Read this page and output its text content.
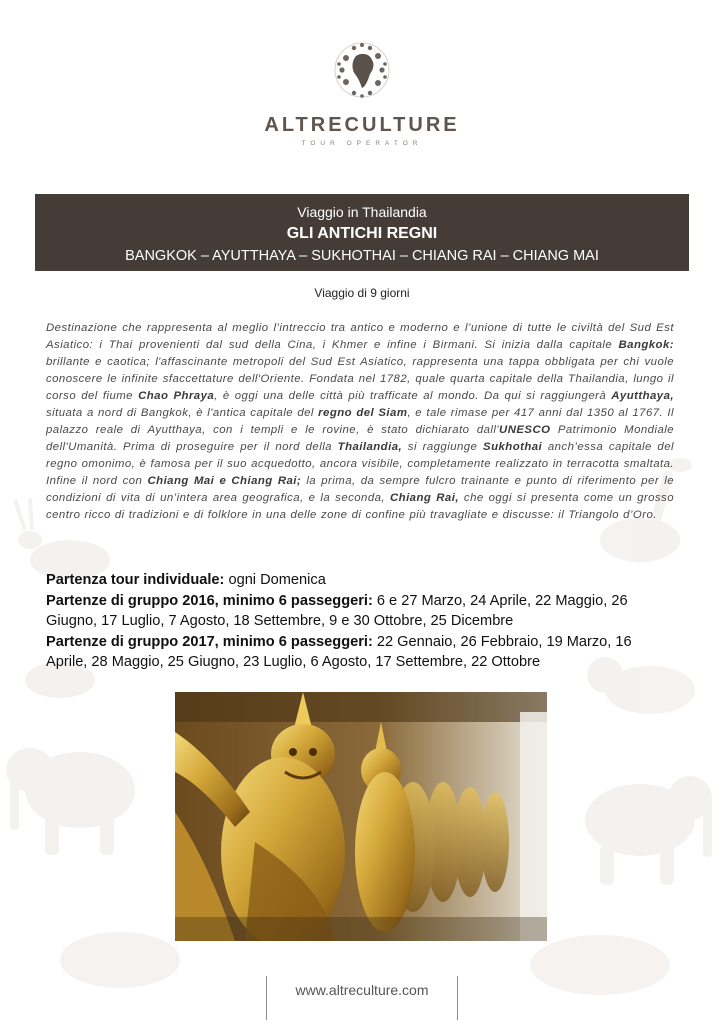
ALTRECULTURE
TOUR OPERATOR
Viaggio in Thailandia
GLI ANTICHI REGNI
BANGKOK – AYUTTHAYA – SUKHOTHAI – CHIANG RAI – CHIANG MAI
Viaggio di 9 giorni
Destinazione che rappresenta al meglio l’intreccio tra antico e moderno e l’unione di tutte le civiltà del Sud Est Asiatico: i Thai provenienti dal sud della Cina, i Khmer e infine i Birmani. Si inizia dalla capitale Bangkok: brillante e caotica; l'affascinante metropoli del Sud Est Asiatico, rappresenta una tappa obbligata per chi vuole conoscere le infinite sfaccettature dell'Oriente. Fondata nel 1782, quale quarta capitale della Thailandia, lungo il corso del fiume Chao Phraya, è oggi una delle città più trafficate al mondo. Da qui si raggiungerà Ayutthaya, situata a nord di Bangkok, è l'antica capitale del regno del Siam, e tale rimase per 417 anni dal 1350 al 1767. Il palazzo reale di Ayutthaya, con i templi e le rovine, è stato dichiarato dall'UNESCO Patrimonio Mondiale dell'Umanità. Prima di proseguire per il nord della Thailandia, si raggiunge Sukhothai anch’essa capitale del regno omonimo, è famosa per il suo acquedotto, ancora visibile, completamente realizzato in terracotta smaltata. Infine il nord con Chiang Mai e Chiang Rai; la prima, da sempre fulcro trainante e punto di riferimento per le condizioni di vita di un’intera area geografica, e la seconda, Chiang Rai, che oggi si presenta come un grosso centro ricco di tradizioni e di folklore in una delle zone di confine più travagliate e discusse: il Triangolo d’Oro.

Partenza tour individuale: ogni Domenica

Partenze di gruppo 2016, minimo 6 passeggeri: 6 e 27 Marzo, 24 Aprile, 22 Maggio, 26 Giugno, 17 Luglio, 7 Agosto, 18 Settembre, 9 e 30 Ottobre, 25 Dicembre

Partenze di gruppo 2017, minimo 6 passeggeri: 22 Gennaio, 26 Febbraio, 19 Marzo, 16 Aprile, 28 Maggio, 25 Giugno, 23 Luglio, 6 Agosto, 17 Settembre, 22 Ottobre

www.altreculture.com
